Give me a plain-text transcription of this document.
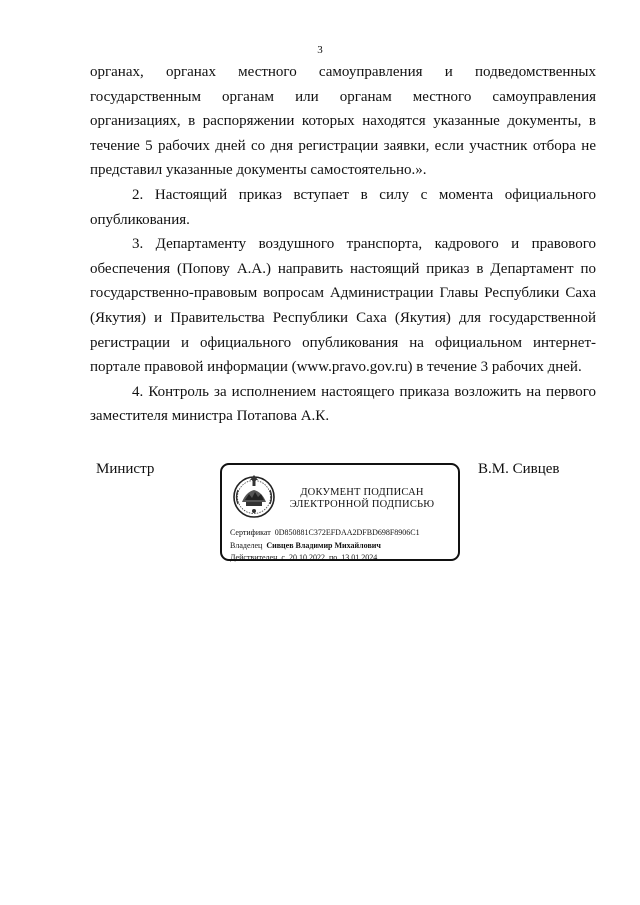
3

органах, органах местного самоуправления и подведомственных государственным органам или органам местного самоуправления организациях, в распоряжении которых находятся указанные документы, в течение 5 рабочих дней со дня регистрации заявки, если участник отбора не представил указанные документы самостоятельно.».

2. Настоящий приказ вступает в силу с момента официального опубликования.

3. Департаменту воздушного транспорта, кадрового и правового обеспечения (Попову А.А.) направить настоящий приказ в Департамент по государственно-правовым вопросам Администрации Главы Республики Саха (Якутия) и Правительства Республики Саха (Якутия) для государственной регистрации и официального опубликования на официальном интернет-портале правовой информации (www.pravo.gov.ru) в течение 3 рабочих дней.

4. Контроль за исполнением настоящего приказа возложить на первого заместителя министра Потапова А.К.

Министр
ДОКУМЕНТ ПОДПИСАН
ЭЛЕКТРОННОЙ ПОДПИСЬЮ
Сертификат 0D850881C372EFDAA2DFBD698F8906C1
Владелец Сивцев Владимир Михайлович
Действителен с 20.10.2022 по 13.01.2024
В.М. Сивцев
